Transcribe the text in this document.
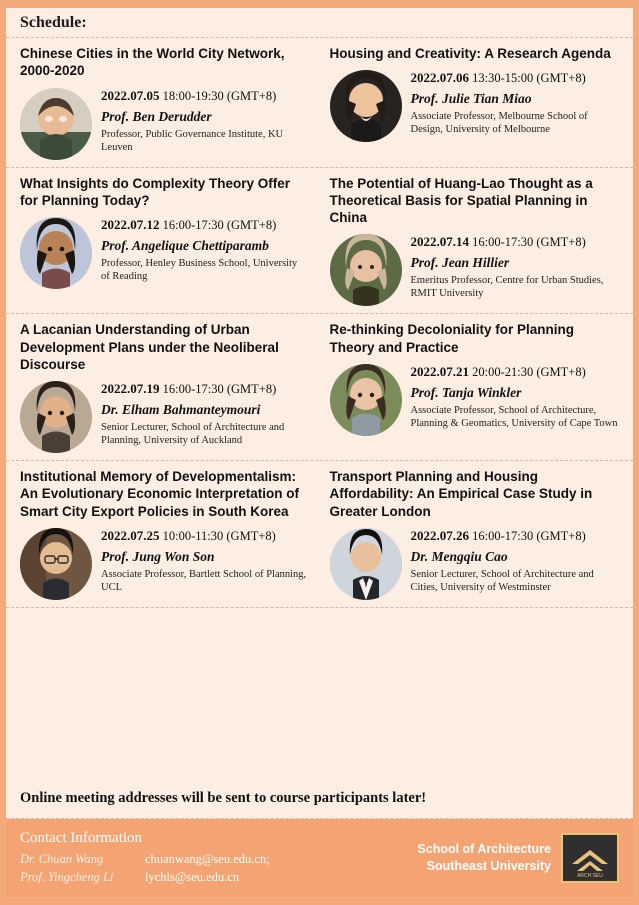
Schedule:
Chinese Cities in the World City Network, 2000-2020
2022.07.05 18:00-19:30 (GMT+8)
Prof. Ben Derudder
Professor, Public Governance Institute, KU Leuven
Housing and Creativity: A Research Agenda
2022.07.06 13:30-15:00 (GMT+8)
Prof. Julie Tian Miao
Associate Professor, Melbourne School of Design, University of Melbourne
What Insights do Complexity Theory Offer for Planning Today?
2022.07.12 16:00-17:30 (GMT+8)
Prof. Angelique Chettiparamb
Professor, Henley Business School, University of Reading
The Potential of Huang-Lao Thought as a Theoretical Basis for Spatial Planning in China
2022.07.14 16:00-17:30 (GMT+8)
Prof. Jean Hillier
Emeritus Professor, Centre for Urban Studies, RMIT University
A Lacanian Understanding of Urban Development Plans under the Neoliberal Discourse
2022.07.19 16:00-17:30 (GMT+8)
Dr. Elham Bahmanteymouri
Senior Lecturer, School of Architecture and Planning, University of Auckland
Re-thinking Decoloniality for Planning Theory and Practice
2022.07.21 20:00-21:30 (GMT+8)
Prof. Tanja Winkler
Associate Professor, School of Architecture, Planning & Geomatics, University of Cape Town
Institutional Memory of Developmentalism: An Evolutionary Economic Interpretation of Smart City Export Policies in South Korea
2022.07.25 10:00-11:30 (GMT+8)
Prof. Jung Won Son
Associate Professor, Bartlett School of Planning, UCL
Transport Planning and Housing Affordability: An Empirical Case Study in Greater London
2022.07.26 16:00-17:30 (GMT+8)
Dr. Mengqiu Cao
Senior Lecturer, School of Architecture and Cities, University of Westminster
Online meeting addresses will be sent to course participants later!
Contact Information
Dr. Chuan Wang	chuanwang@seu.edu.cn;
Prof. Yingcheng Li	lychls@seu.edu.cn
School of Architecture
Southeast University
ARCH SEU
